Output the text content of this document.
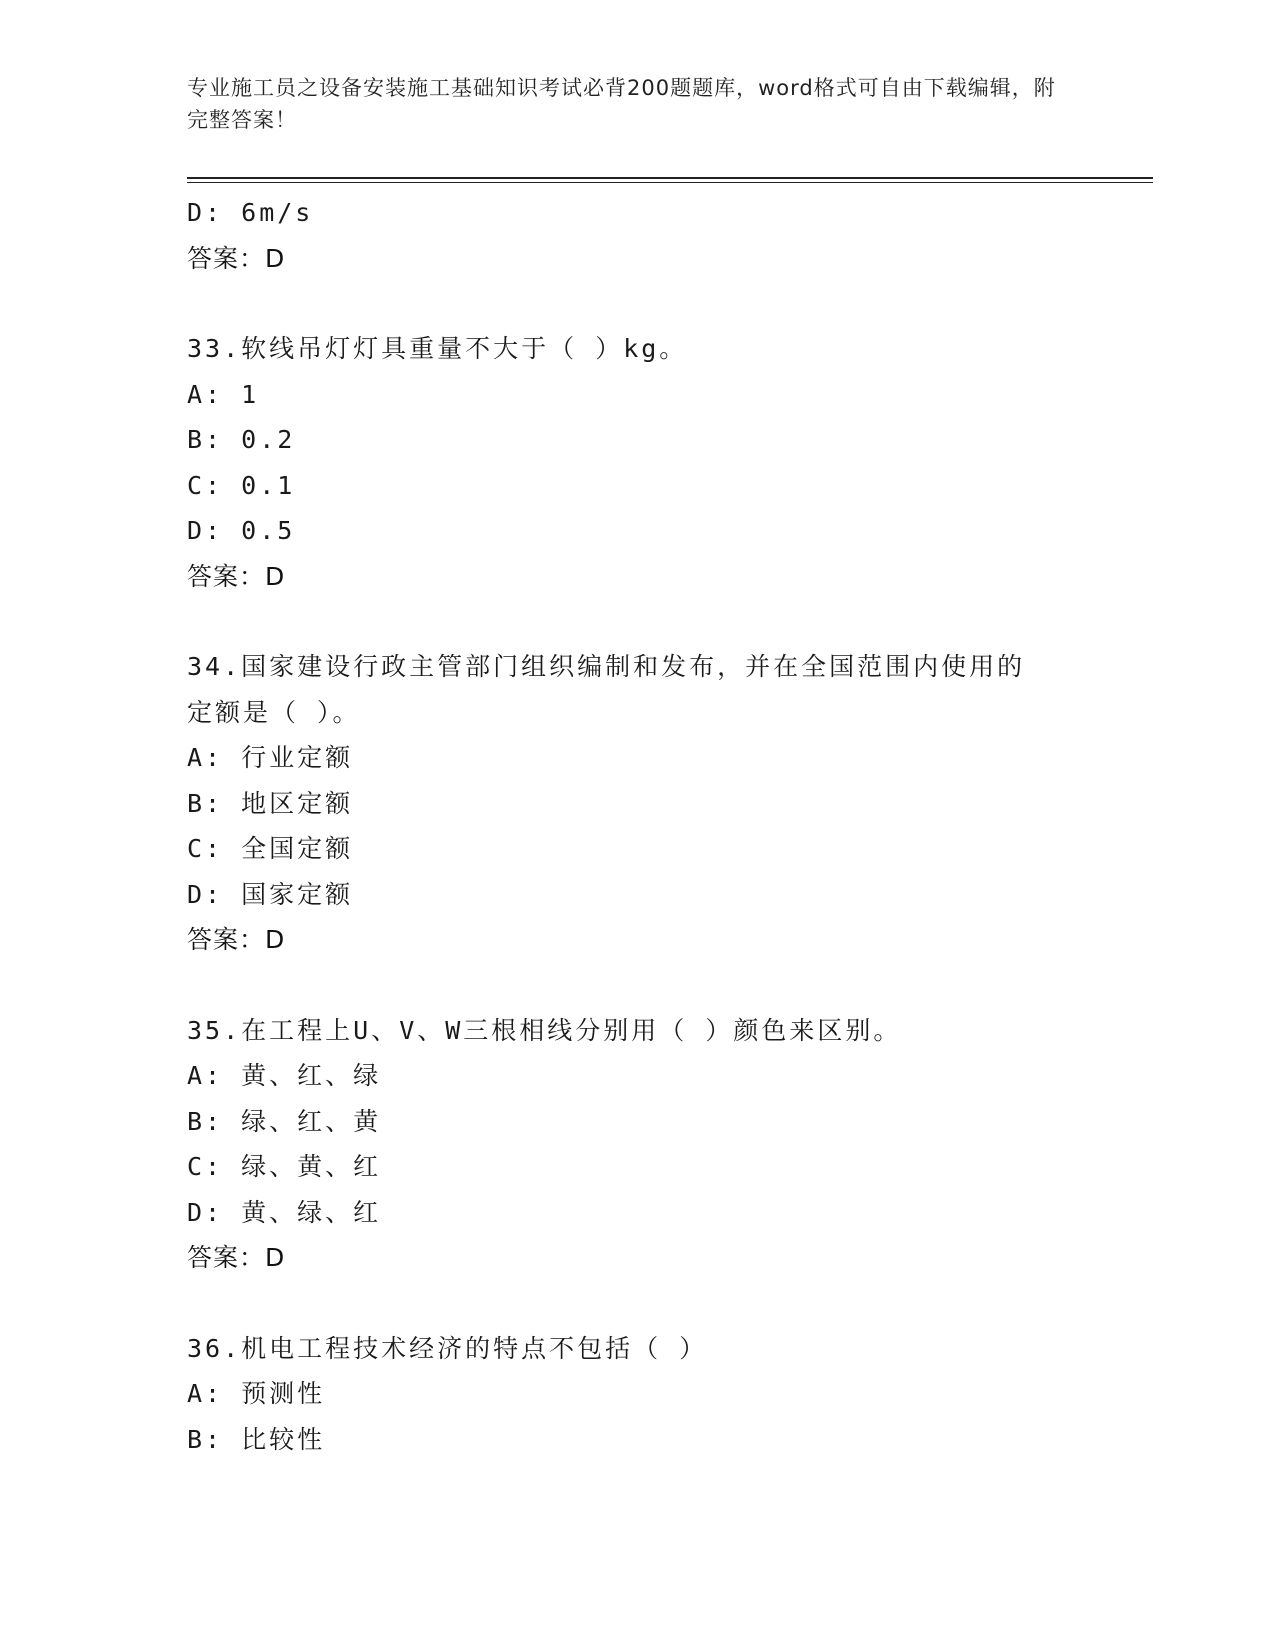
专业施工员之设备安装施工基础知识考试必背200题题库，word格式可自由下载编辑，附完整答案！
D: 6m/s
答案：D
33.软线吊灯灯具重量不大于（ ）kg。
A: 1
B: 0.2
C: 0.1
D: 0.5
答案：D
34.国家建设行政主管部门组织编制和发布，并在全国范围内使用的定额是（ ）。
A: 行业定额
B: 地区定额
C: 全国定额
D: 国家定额
答案：D
35.在工程上U、V、W三根相线分别用（ ）颜色来区别。
A: 黄、红、绿
B: 绿、红、黄
C: 绿、黄、红
D: 黄、绿、红
答案：D
36.机电工程技术经济的特点不包括（ ）
A: 预测性
B: 比较性
